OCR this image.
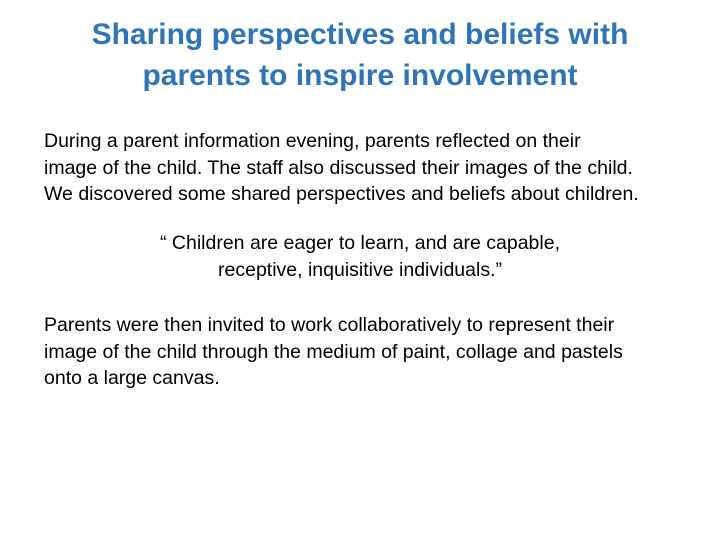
Sharing perspectives and beliefs with
parents to inspire involvement

During a parent information evening, parents reflected on their
image of the child. The staff also discussed their images of the child.
We discovered some shared perspectives and beliefs about children.

“ Children are eager to learn, and are capable,
receptive, inquisitive individuals.”

Parents were then invited to work collaboratively to represent their
image of the child through the medium of paint, collage and pastels
onto a large canvas.
